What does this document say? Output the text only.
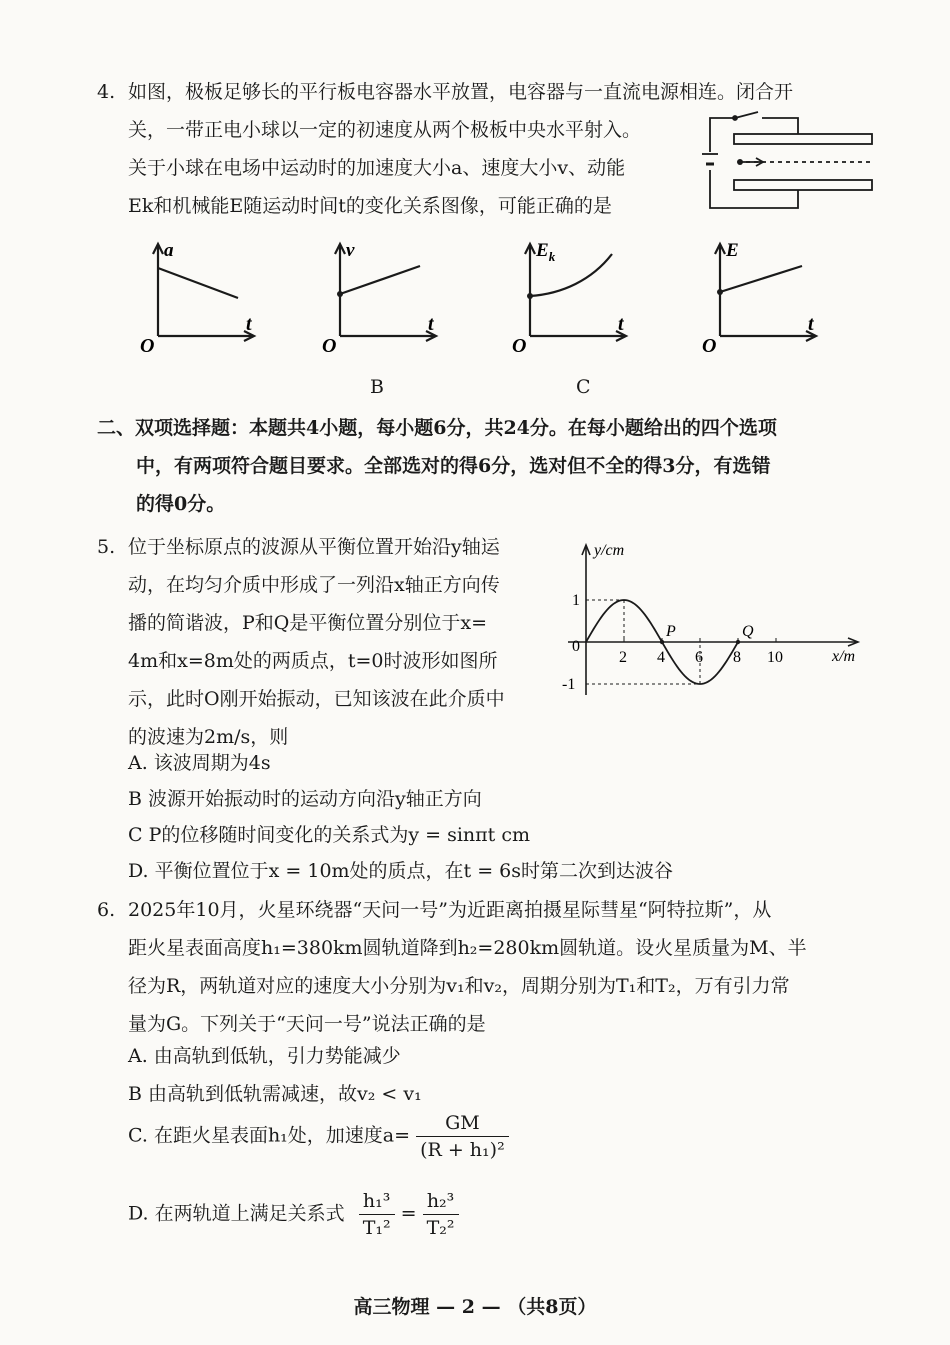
4. 如图，极板足够长的平行板电容器水平放置，电容器与一直流电源相连。闭合开
关，一带正电小球以一定的初速度从两个极板中央水平射入。
关于小球在电场中运动时的加速度大小a、速度大小v、动能
Ek和机械能E随运动时间t的变化关系图像，可能正确的是
a
O
t
v
O
t
$E_k$
O
t
E
O
t
B	C
二、双项选择题：本题共4小题，每小题6分，共24分。在每小题给出的四个选项
中，有两项符合题目要求。全部选对的得6分，选对但不全的得3分，有选错
的得0分。
5. 位于坐标原点的波源从平衡位置开始沿y轴运
动，在均匀介质中形成了一列沿x轴正方向传
播的简谐波，P和Q是平衡位置分别位于x=
4m和x=8m处的两质点，t=0时波形如图所
示，此时O刚开始振动，已知该波在此介质中
的波速为2m/s，则
2 4 6 8 10
1
-1
P	Q
y/cm
x/m
0
A. 该波周期为4s
B 波源开始振动时的运动方向沿y轴正方向
C P的位移随时间变化的关系式为y = sinπt cm
D. 平衡位置位于x = 10m处的质点，在t = 6s时第二次到达波谷
6. 2025年10月，火星环绕器“天问一号”为近距离拍摄星际彗星“阿特拉斯”，从
距火星表面高度h₁=380km圆轨道降到h₂=280km圆轨道。设火星质量为M、半
径为R，两轨道对应的速度大小分别为v₁和v₂，周期分别为T₁和T₂，万有引力常
量为G。下列关于“天问一号”说法正确的是
A. 由高轨到低轨，引力势能减少
B 由高轨到低轨需减速，故v₂ < v₁
C. 在距火星表面h₁处，加速度$a= \frac{GM}{\text{(R + h₁)²}}$
D. 在两轨道上满足关系式 $\frac{\text{h₁³}}{\text{T₁²}} = \frac{\text{h₂³}}{\text{T₂²}}$
高三物理 — 2 — （共8页）
